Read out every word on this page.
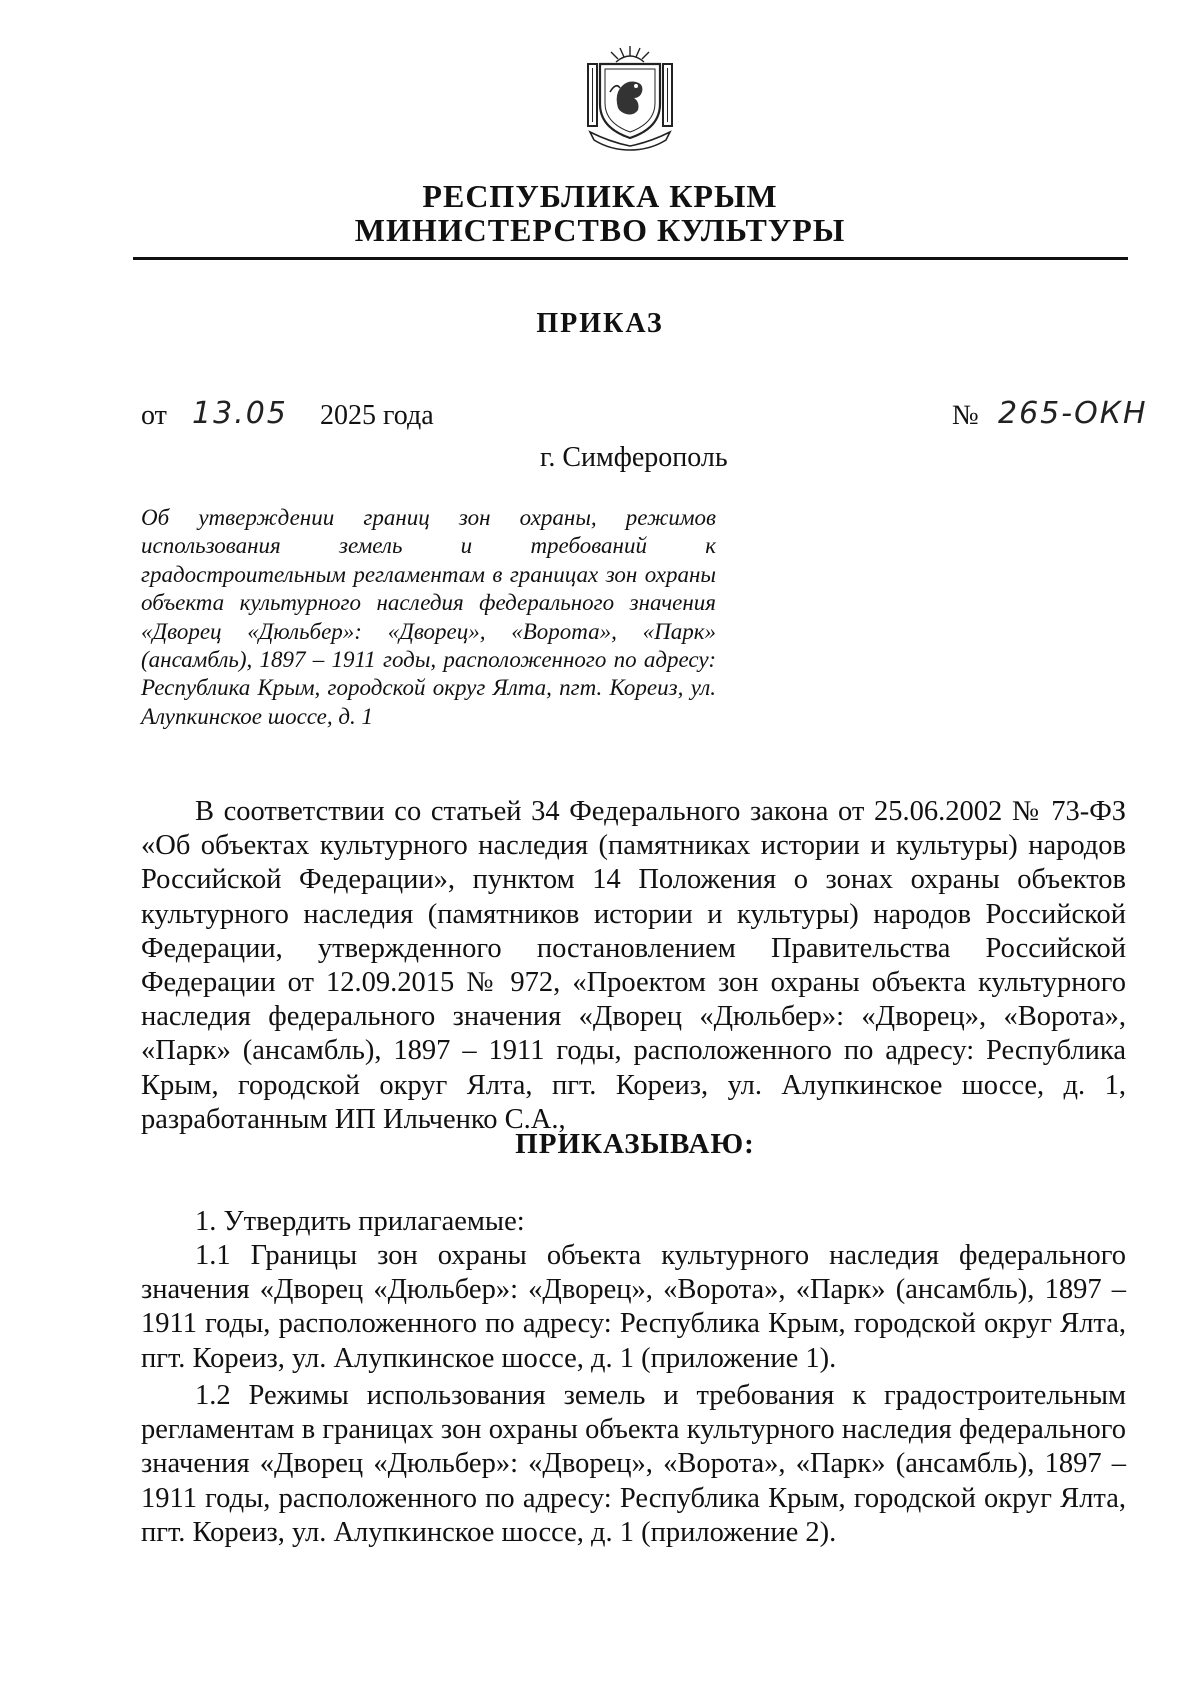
РЕСПУБЛИКА КРЫМ
МИНИСТЕРСТВО КУЛЬТУРЫ
ПРИКАЗ
от 13.05 2025 года	№ 265-ОКН
г. Симферополь
Об утверждении границ зон охраны, режимов использования земель и требований к градостроительным регламентам в границах зон охраны объекта культурного наследия федерального значения «Дворец «Дюльбер»: «Дворец», «Ворота», «Парк» (ансамбль), 1897 – 1911 годы, расположенного по адресу: Республика Крым, городской округ Ялта, пгт. Кореиз, ул. Алупкинское шоссе, д. 1
В соответствии со статьей 34 Федерального закона от 25.06.2002 № 73-ФЗ «Об объектах культурного наследия (памятниках истории и культуры) народов Российской Федерации», пунктом 14 Положения о зонах охраны объектов культурного наследия (памятников истории и культуры) народов Российской Федерации, утвержденного постановлением Правительства Российской Федерации от 12.09.2015 № 972, «Проектом зон охраны объекта культурного наследия федерального значения «Дворец «Дюльбер»: «Дворец», «Ворота», «Парк» (ансамбль), 1897 – 1911 годы, расположенного по адресу: Республика Крым, городской округ Ялта, пгт. Кореиз, ул. Алупкинское шоссе, д. 1, разработанным ИП Ильченко С.А.,
ПРИКАЗЫВАЮ:
1. Утвердить прилагаемые:
1.1 Границы зон охраны объекта культурного наследия федерального значения «Дворец «Дюльбер»: «Дворец», «Ворота», «Парк» (ансамбль), 1897 – 1911 годы, расположенного по адресу: Республика Крым, городской округ Ялта, пгт. Кореиз, ул. Алупкинское шоссе, д. 1 (приложение 1).
1.2 Режимы использования земель и требования к градостроительным регламентам в границах зон охраны объекта культурного наследия федерального значения «Дворец «Дюльбер»: «Дворец», «Ворота», «Парк» (ансамбль), 1897 – 1911 годы, расположенного по адресу: Республика Крым, городской округ Ялта, пгт. Кореиз, ул. Алупкинское шоссе, д. 1 (приложение 2).
